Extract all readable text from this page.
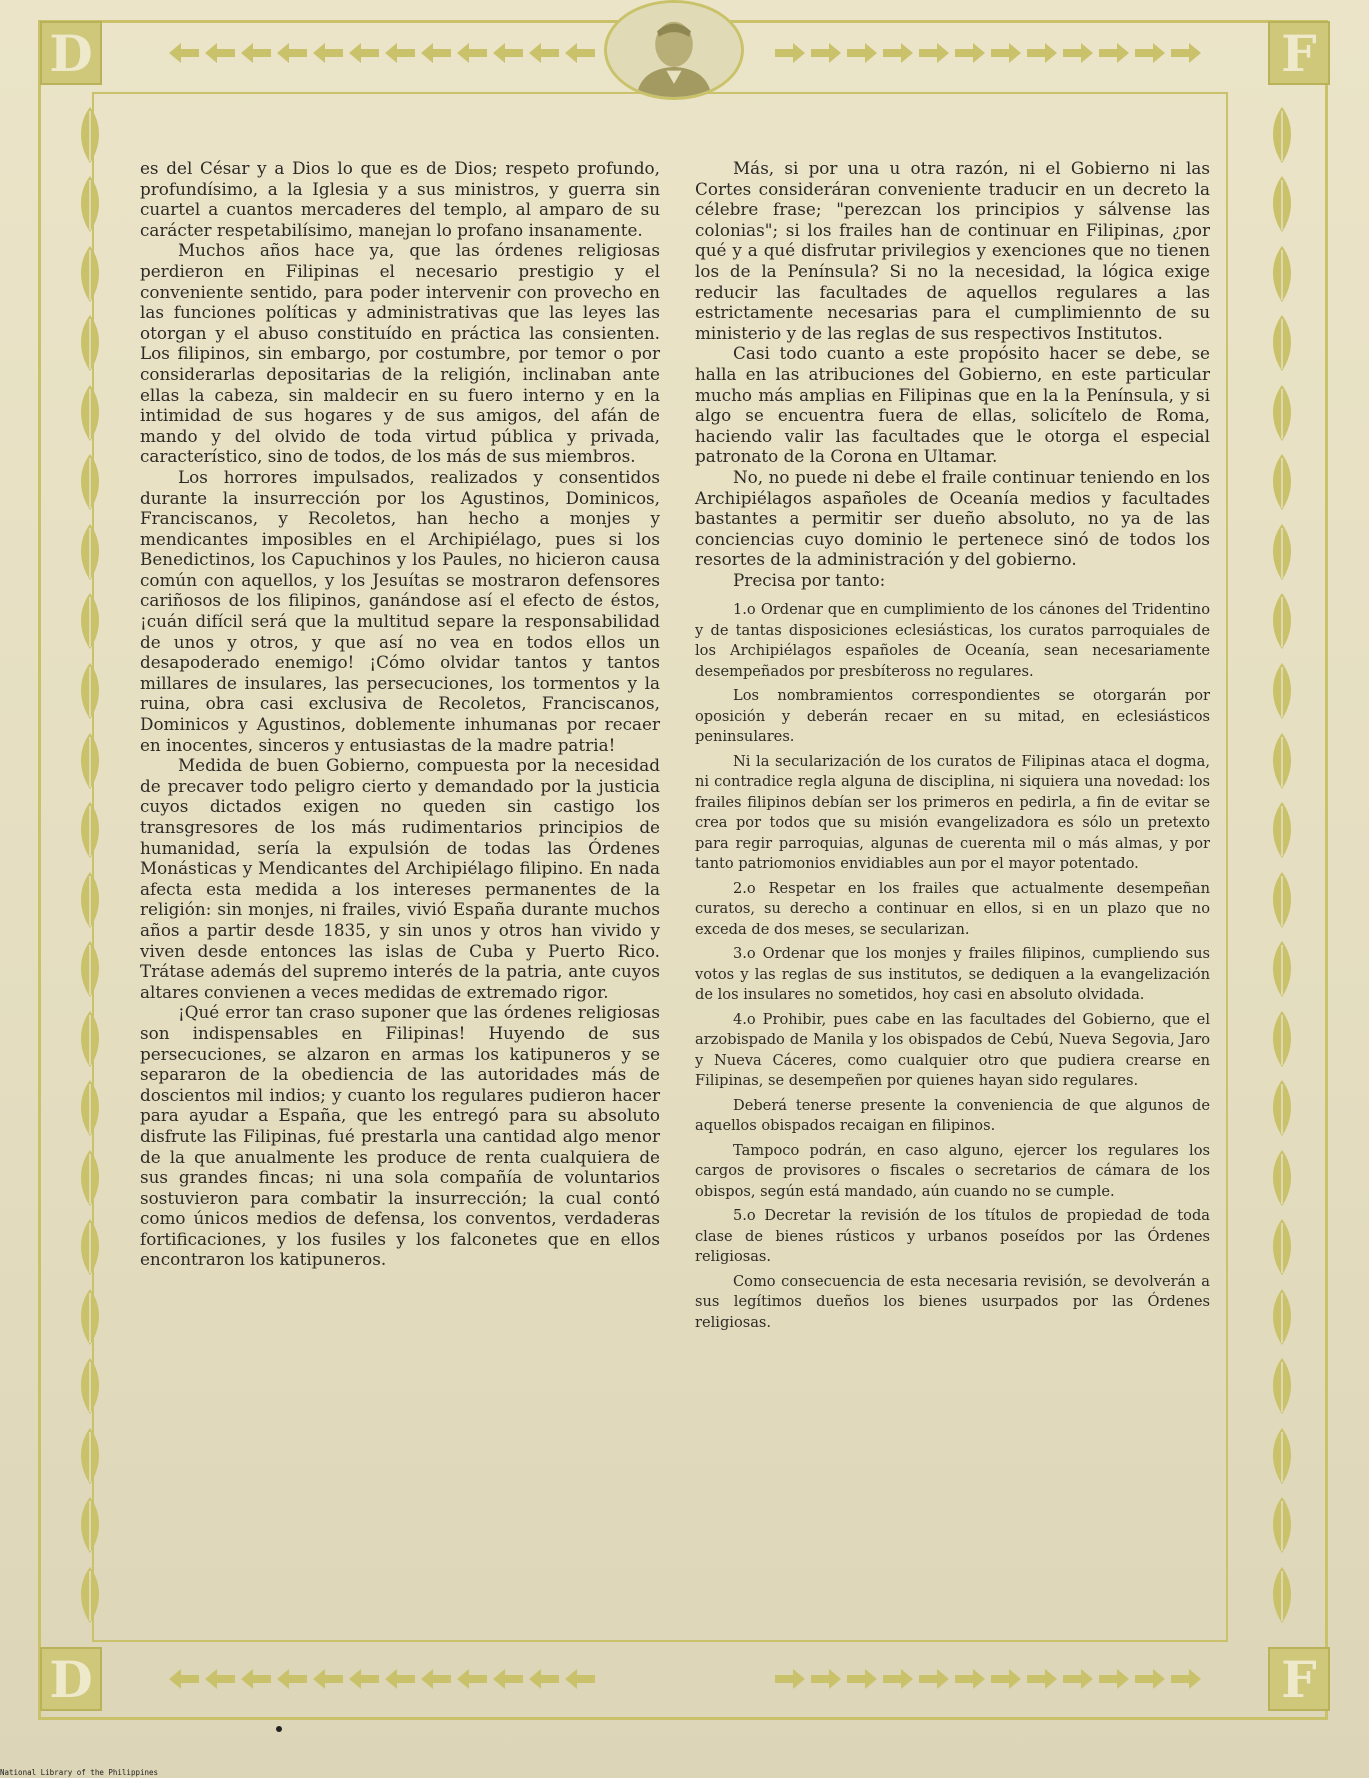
D	F
D	F

es del César y a Dios lo que es de Dios; respeto profundo, profundísimo, a la Iglesia y a sus ministros, y guerra sin cuartel a cuantos mercaderes del templo, al amparo de su carácter respetabilísimo, manejan lo profano insanamente.

Muchos años hace ya, que las órdenes religiosas perdieron en Filipinas el necesario prestigio y el conveniente sentido, para poder intervenir con provecho en las funciones políticas y administrativas que las leyes las otorgan y el abuso constituído en práctica las consienten. Los filipinos, sin embargo, por costumbre, por temor o por considerarlas depositarias de la religión, inclinaban ante ellas la cabeza, sin maldecir en su fuero interno y en la intimidad de sus hogares y de sus amigos, del afán de mando y del olvido de toda virtud pública y privada, característico, sino de todos, de los más de sus miembros.

Los horrores impulsados, realizados y consentidos durante la insurrección por los Agustinos, Dominicos, Franciscanos, y Recoletos, han hecho a monjes y mendicantes imposibles en el Archipiélago, pues si los Benedictinos, los Capuchinos y los Paules, no hicieron causa común con aquellos, y los Jesuítas se mostraron defensores cariñosos de los filipinos, ganándose así el efecto de éstos, ¡cuán difícil será que la multitud separe la responsabilidad de unos y otros, y que así no vea en todos ellos un desapoderado enemigo! ¡Cómo olvidar tantos y tantos millares de insulares, las persecuciones, los tormentos y la ruina, obra casi exclusiva de Recoletos, Franciscanos, Dominicos y Agustinos, doblemente inhumanas por recaer en inocentes, sinceros y entusiastas de la madre patria!

Medida de buen Gobierno, compuesta por la necesidad de precaver todo peligro cierto y demandado por la justicia cuyos dictados exigen no queden sin castigo los transgresores de los más rudimentarios principios de humanidad, sería la expulsión de todas las Órdenes Monásticas y Mendicantes del Archipiélago filipino. En nada afecta esta medida a los intereses permanentes de la religión: sin monjes, ni frailes, vivió España durante muchos años a partir desde 1835, y sin unos y otros han vivido y viven desde entonces las islas de Cuba y Puerto Rico. Trátase además del supremo interés de la patria, ante cuyos altares convienen a veces medidas de extremado rigor.

¡Qué error tan craso suponer que las órdenes religiosas son indispensables en Filipinas! Huyendo de sus persecuciones, se alzaron en armas los katipuneros y se separaron de la obediencia de las autoridades más de doscientos mil indios; y cuanto los regulares pudieron hacer para ayudar a España, que les entregó para su absoluto disfrute las Filipinas, fué prestarla una cantidad algo menor de la que anualmente les produce de renta cualquiera de sus grandes fincas; ni una sola compañía de voluntarios sostuvieron para combatir la insurrección; la cual contó como únicos medios de defensa, los conventos, verdaderas fortificaciones, y los fusiles y los falconetes que en ellos encontraron los katipuneros.

Más, si por una u otra razón, ni el Gobierno ni las Cortes consideráran conveniente traducir en un decreto la célebre frase; "perezcan los principios y sálvense las colonias"; si los frailes han de continuar en Filipinas, ¿por qué y a qué disfrutar privilegios y exenciones que no tienen los de la Península? Si no la necesidad, la lógica exige reducir las facultades de aquellos regulares a las estrictamente necesarias para el cumplimiennto de su ministerio y de las reglas de sus respectivos Institutos.

Casi todo cuanto a este propósito hacer se debe, se halla en las atribuciones del Gobierno, en este particular mucho más amplias en Filipinas que en la la Península, y si algo se encuentra fuera de ellas, solicítelo de Roma, haciendo valir las facultades que le otorga el especial patronato de la Corona en Ultamar.

No, no puede ni debe el fraile continuar teniendo en los Archipiélagos aspañoles de Oceanía medios y facultades bastantes a permitir ser dueño absoluto, no ya de las conciencias cuyo dominio le pertenece sinó de todos los resortes de la administración y del gobierno.

Precisa por tanto:

1.o Ordenar que en cumplimiento de los cánones del Tridentino y de tantas disposiciones eclesiásticas, los curatos parroquiales de los Archipiélagos españoles de Oceanía, sean necesariamente desempeñados por presbíteross no regulares.

Los nombramientos correspondientes se otorgarán por oposición y deberán recaer en su mitad, en eclesiásticos peninsulares.

Ni la secularización de los curatos de Filipinas ataca el dogma, ni contradice regla alguna de disciplina, ni siquiera una novedad: los frailes filipinos debían ser los primeros en pedirla, a fin de evitar se crea por todos que su misión evangelizadora es sólo un pretexto para regir parroquias, algunas de cuerenta mil o más almas, y por tanto patriomonios envidiables aun por el mayor potentado.

2.o Respetar en los frailes que actualmente desempeñan curatos, su derecho a continuar en ellos, si en un plazo que no exceda de dos meses, se secularizan.

3.o Ordenar que los monjes y frailes filipinos, cumpliendo sus votos y las reglas de sus institutos, se dediquen a la evangelización de los insulares no sometidos, hoy casi en absoluto olvidada.

4.o Prohibir, pues cabe en las facultades del Gobierno, que el arzobispado de Manila y los obispados de Cebú, Nueva Segovia, Jaro y Nueva Cáceres, como cualquier otro que pudiera crearse en Filipinas, se desempeñen por quienes hayan sido regulares.

Deberá tenerse presente la conveniencia de que algunos de aquellos obispados recaigan en filipinos.

Tampoco podrán, en caso alguno, ejercer los regulares los cargos de provisores o fiscales o secretarios de cámara de los obispos, según está mandado, aún cuando no se cumple.

5.o Decretar la revisión de los títulos de propiedad de toda clase de bienes rústicos y urbanos poseídos por las Órdenes religiosas.

Como consecuencia de esta necesaria revisión, se devolverán a sus legítimos dueños los bienes usurpados por las Órdenes religiosas.

National Library of the Philippines
